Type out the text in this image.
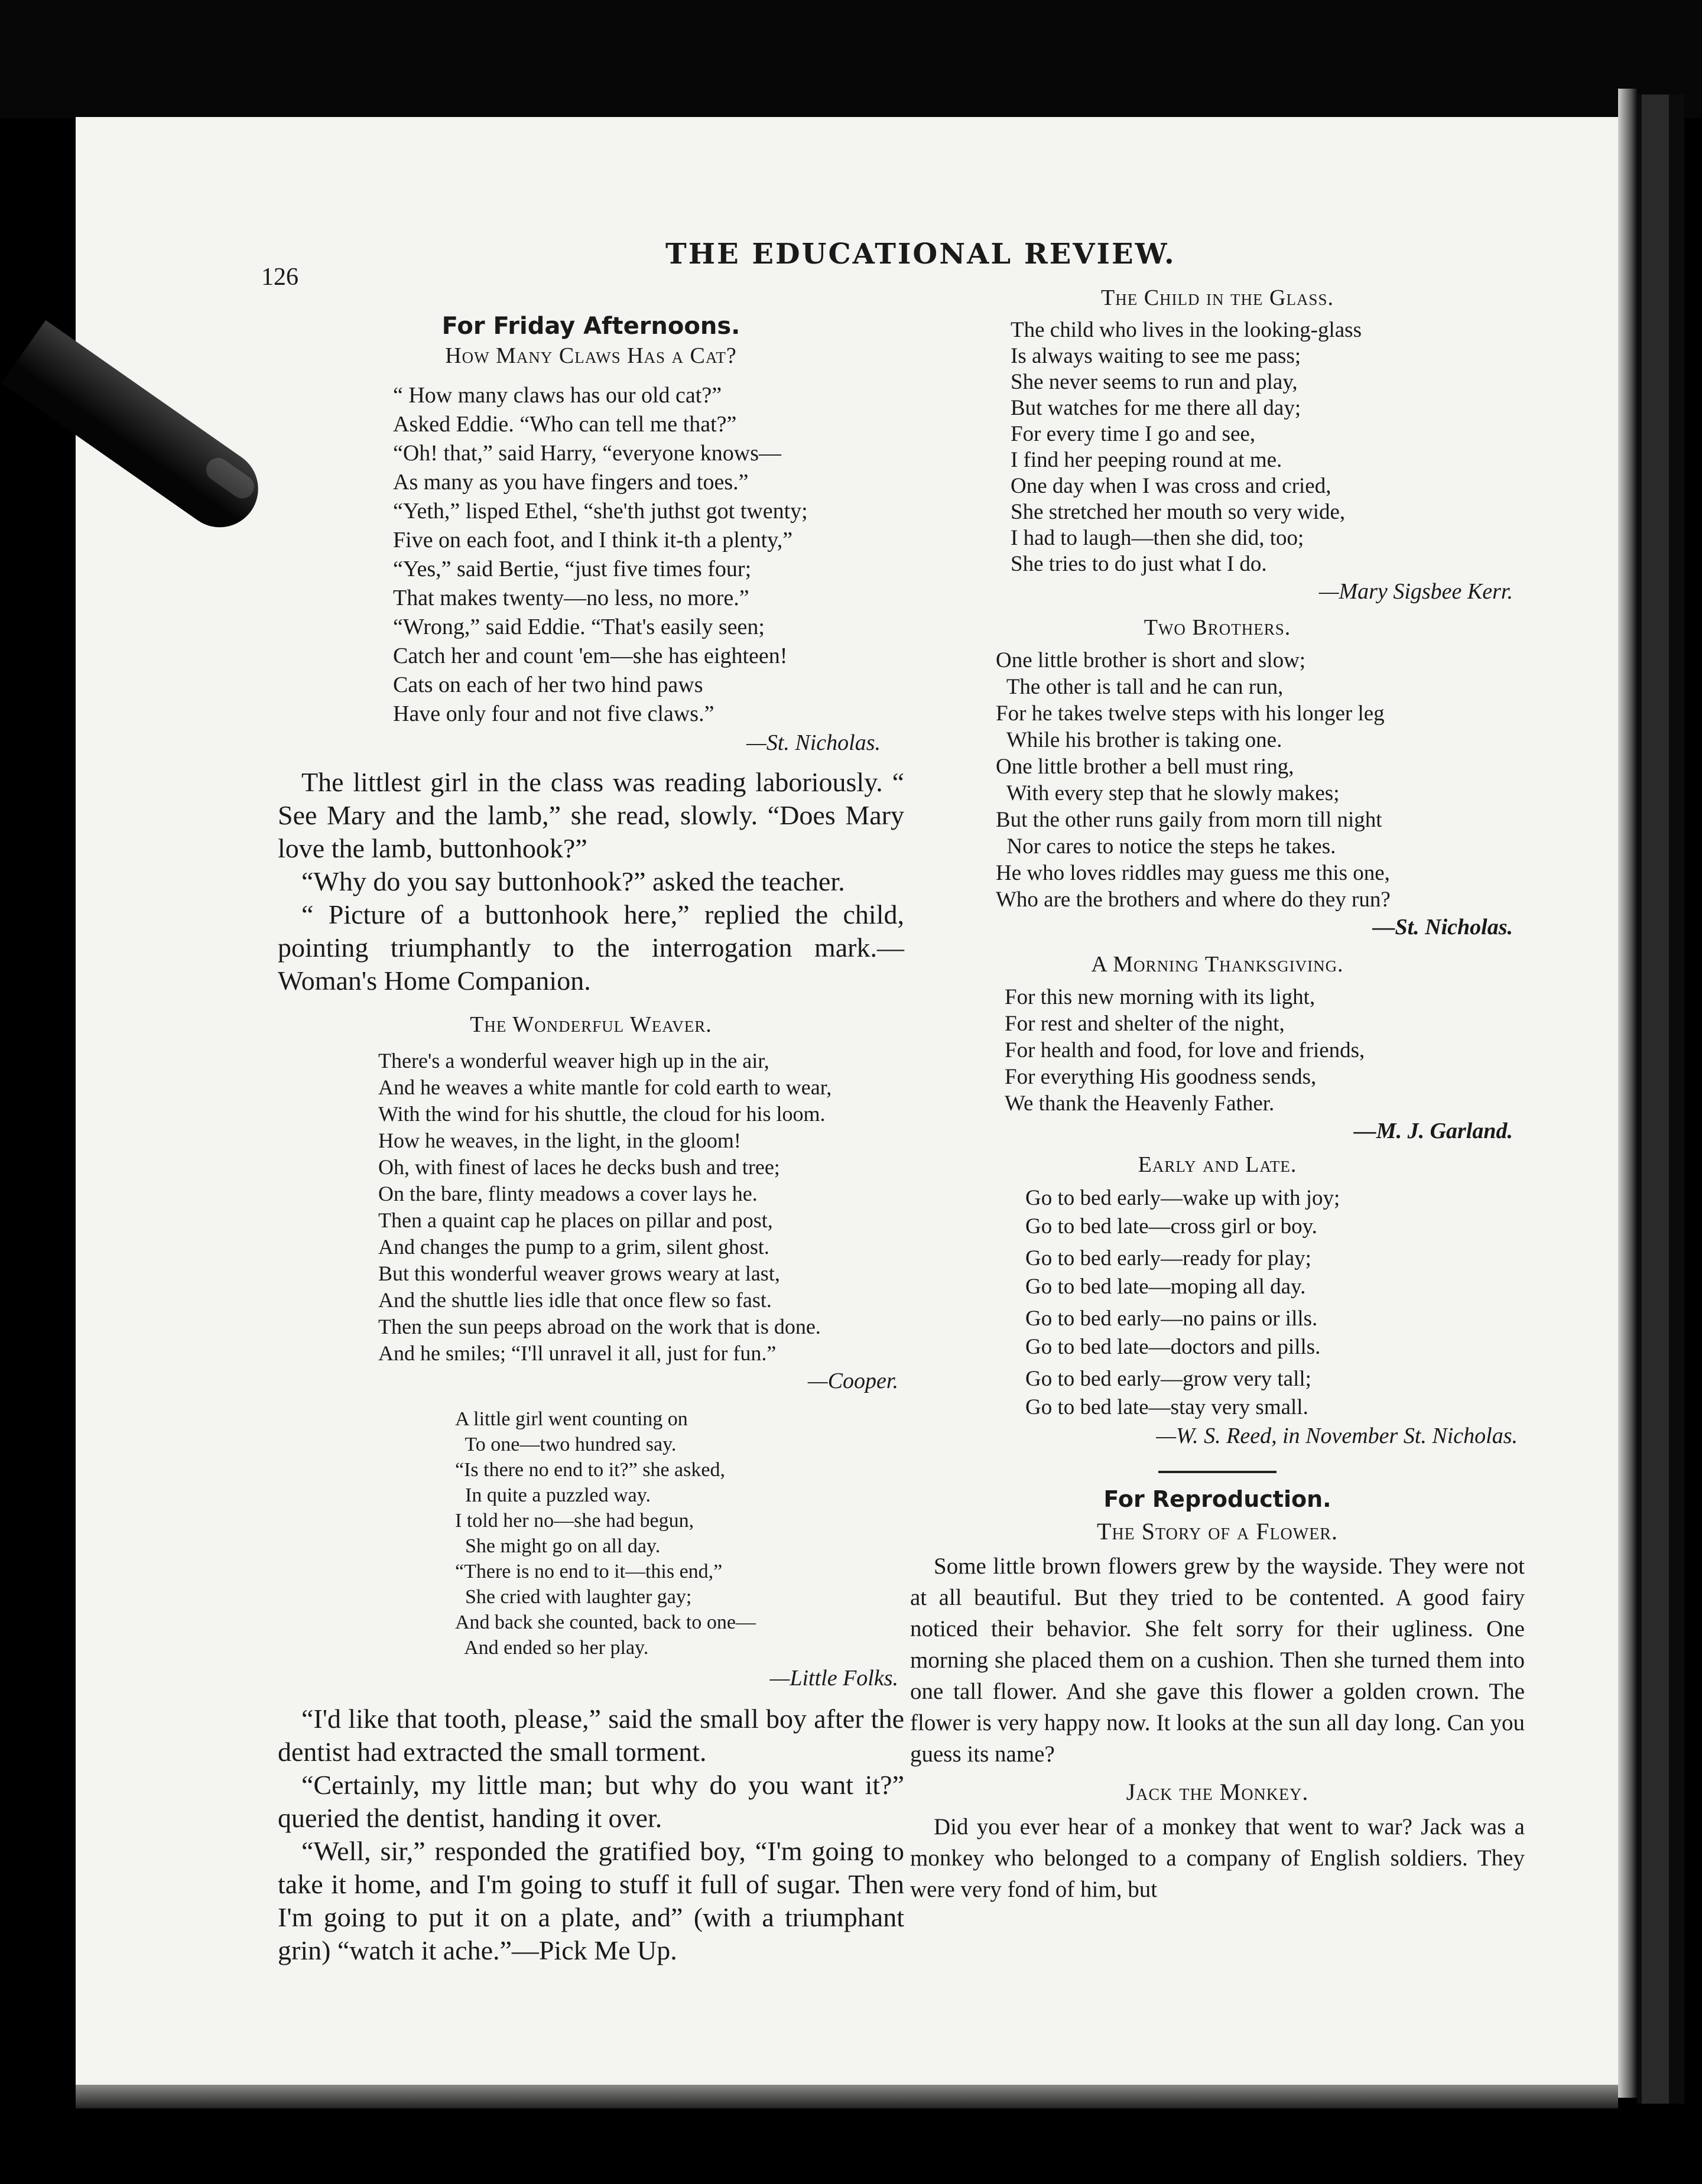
126
THE EDUCATIONAL REVIEW.
For Friday Afternoons.
How Many Claws Has a Cat?
“ How many claws has our old cat?”
Asked Eddie. “Who can tell me that?”
“Oh! that,” said Harry, “everyone knows—
As many as you have fingers and toes.”
“Yeth,” lisped Ethel, “she'th juthst got twenty;
Five on each foot, and I think it-th a plenty,”
“Yes,” said Bertie, “just five times four;
That makes twenty—no less, no more.”
“Wrong,” said Eddie. “That's easily seen;
Catch her and count 'em—she has eighteen!
Cats on each of her two hind paws
Have only four and not five claws.”
—St. Nicholas.

The littlest girl in the class was reading laboriously. “ See Mary and the lamb,” she read, slowly. “Does Mary love the lamb, buttonhook?”

“Why do you say buttonhook?” asked the teacher.

“ Picture of a buttonhook here,” replied the child, pointing triumphantly to the interrogation mark.—Woman's Home Companion.

The Wonderful Weaver.
There's a wonderful weaver high up in the air,
And he weaves a white mantle for cold earth to wear,
With the wind for his shuttle, the cloud for his loom.
How he weaves, in the light, in the gloom!
Oh, with finest of laces he decks bush and tree;
On the bare, flinty meadows a cover lays he.
Then a quaint cap he places on pillar and post,
And changes the pump to a grim, silent ghost.
But this wonderful weaver grows weary at last,
And the shuttle lies idle that once flew so fast.
Then the sun peeps abroad on the work that is done.
And he smiles; “I'll unravel it all, just for fun.”
—Cooper.
A little girl went counting on
To one—two hundred say.
“Is there no end to it?” she asked,
In quite a puzzled way.
I told her no—she had begun,
She might go on all day.
“There is no end to it—this end,”
She cried with laughter gay;
And back she counted, back to one—
And ended so her play.
—Little Folks.

“I'd like that tooth, please,” said the small boy after the dentist had extracted the small torment.

“Certainly, my little man; but why do you want it?” queried the dentist, handing it over.

“Well, sir,” responded the gratified boy, “I'm going to take it home, and I'm going to stuff it full of sugar. Then I'm going to put it on a plate, and” (with a triumphant grin) “watch it ache.”—Pick Me Up.

The Child in the Glass.
The child who lives in the looking-glass
Is always waiting to see me pass;
She never seems to run and play,
But watches for me there all day;
For every time I go and see,
I find her peeping round at me.
One day when I was cross and cried,
She stretched her mouth so very wide,
I had to laugh—then she did, too;
She tries to do just what I do.
—Mary Sigsbee Kerr.
Two Brothers.
One little brother is short and slow;
The other is tall and he can run,
For he takes twelve steps with his longer leg
While his brother is taking one.
One little brother a bell must ring,
With every step that he slowly makes;
But the other runs gaily from morn till night
Nor cares to notice the steps he takes.
He who loves riddles may guess me this one,
Who are the brothers and where do they run?
—St. Nicholas.
A Morning Thanksgiving.
For this new morning with its light,
For rest and shelter of the night,
For health and food, for love and friends,
For everything His goodness sends,
We thank the Heavenly Father.
—M. J. Garland.
Early and Late.
Go to bed early—wake up with joy;
Go to bed late—cross girl or boy.
Go to bed early—ready for play;
Go to bed late—moping all day.
Go to bed early—no pains or ills.
Go to bed late—doctors and pills.
Go to bed early—grow very tall;
Go to bed late—stay very small.
—W. S. Reed, in November St. Nicholas.
For Reproduction.
The Story of a Flower.

Some little brown flowers grew by the wayside. They were not at all beautiful. But they tried to be contented. A good fairy noticed their behavior. She felt sorry for their ugliness. One morning she placed them on a cushion. Then she turned them into one tall flower. And she gave this flower a golden crown. The flower is very happy now. It looks at the sun all day long. Can you guess its name?

Jack the Monkey.

Did you ever hear of a monkey that went to war? Jack was a monkey who belonged to a company of English soldiers. They were very fond of him, but
